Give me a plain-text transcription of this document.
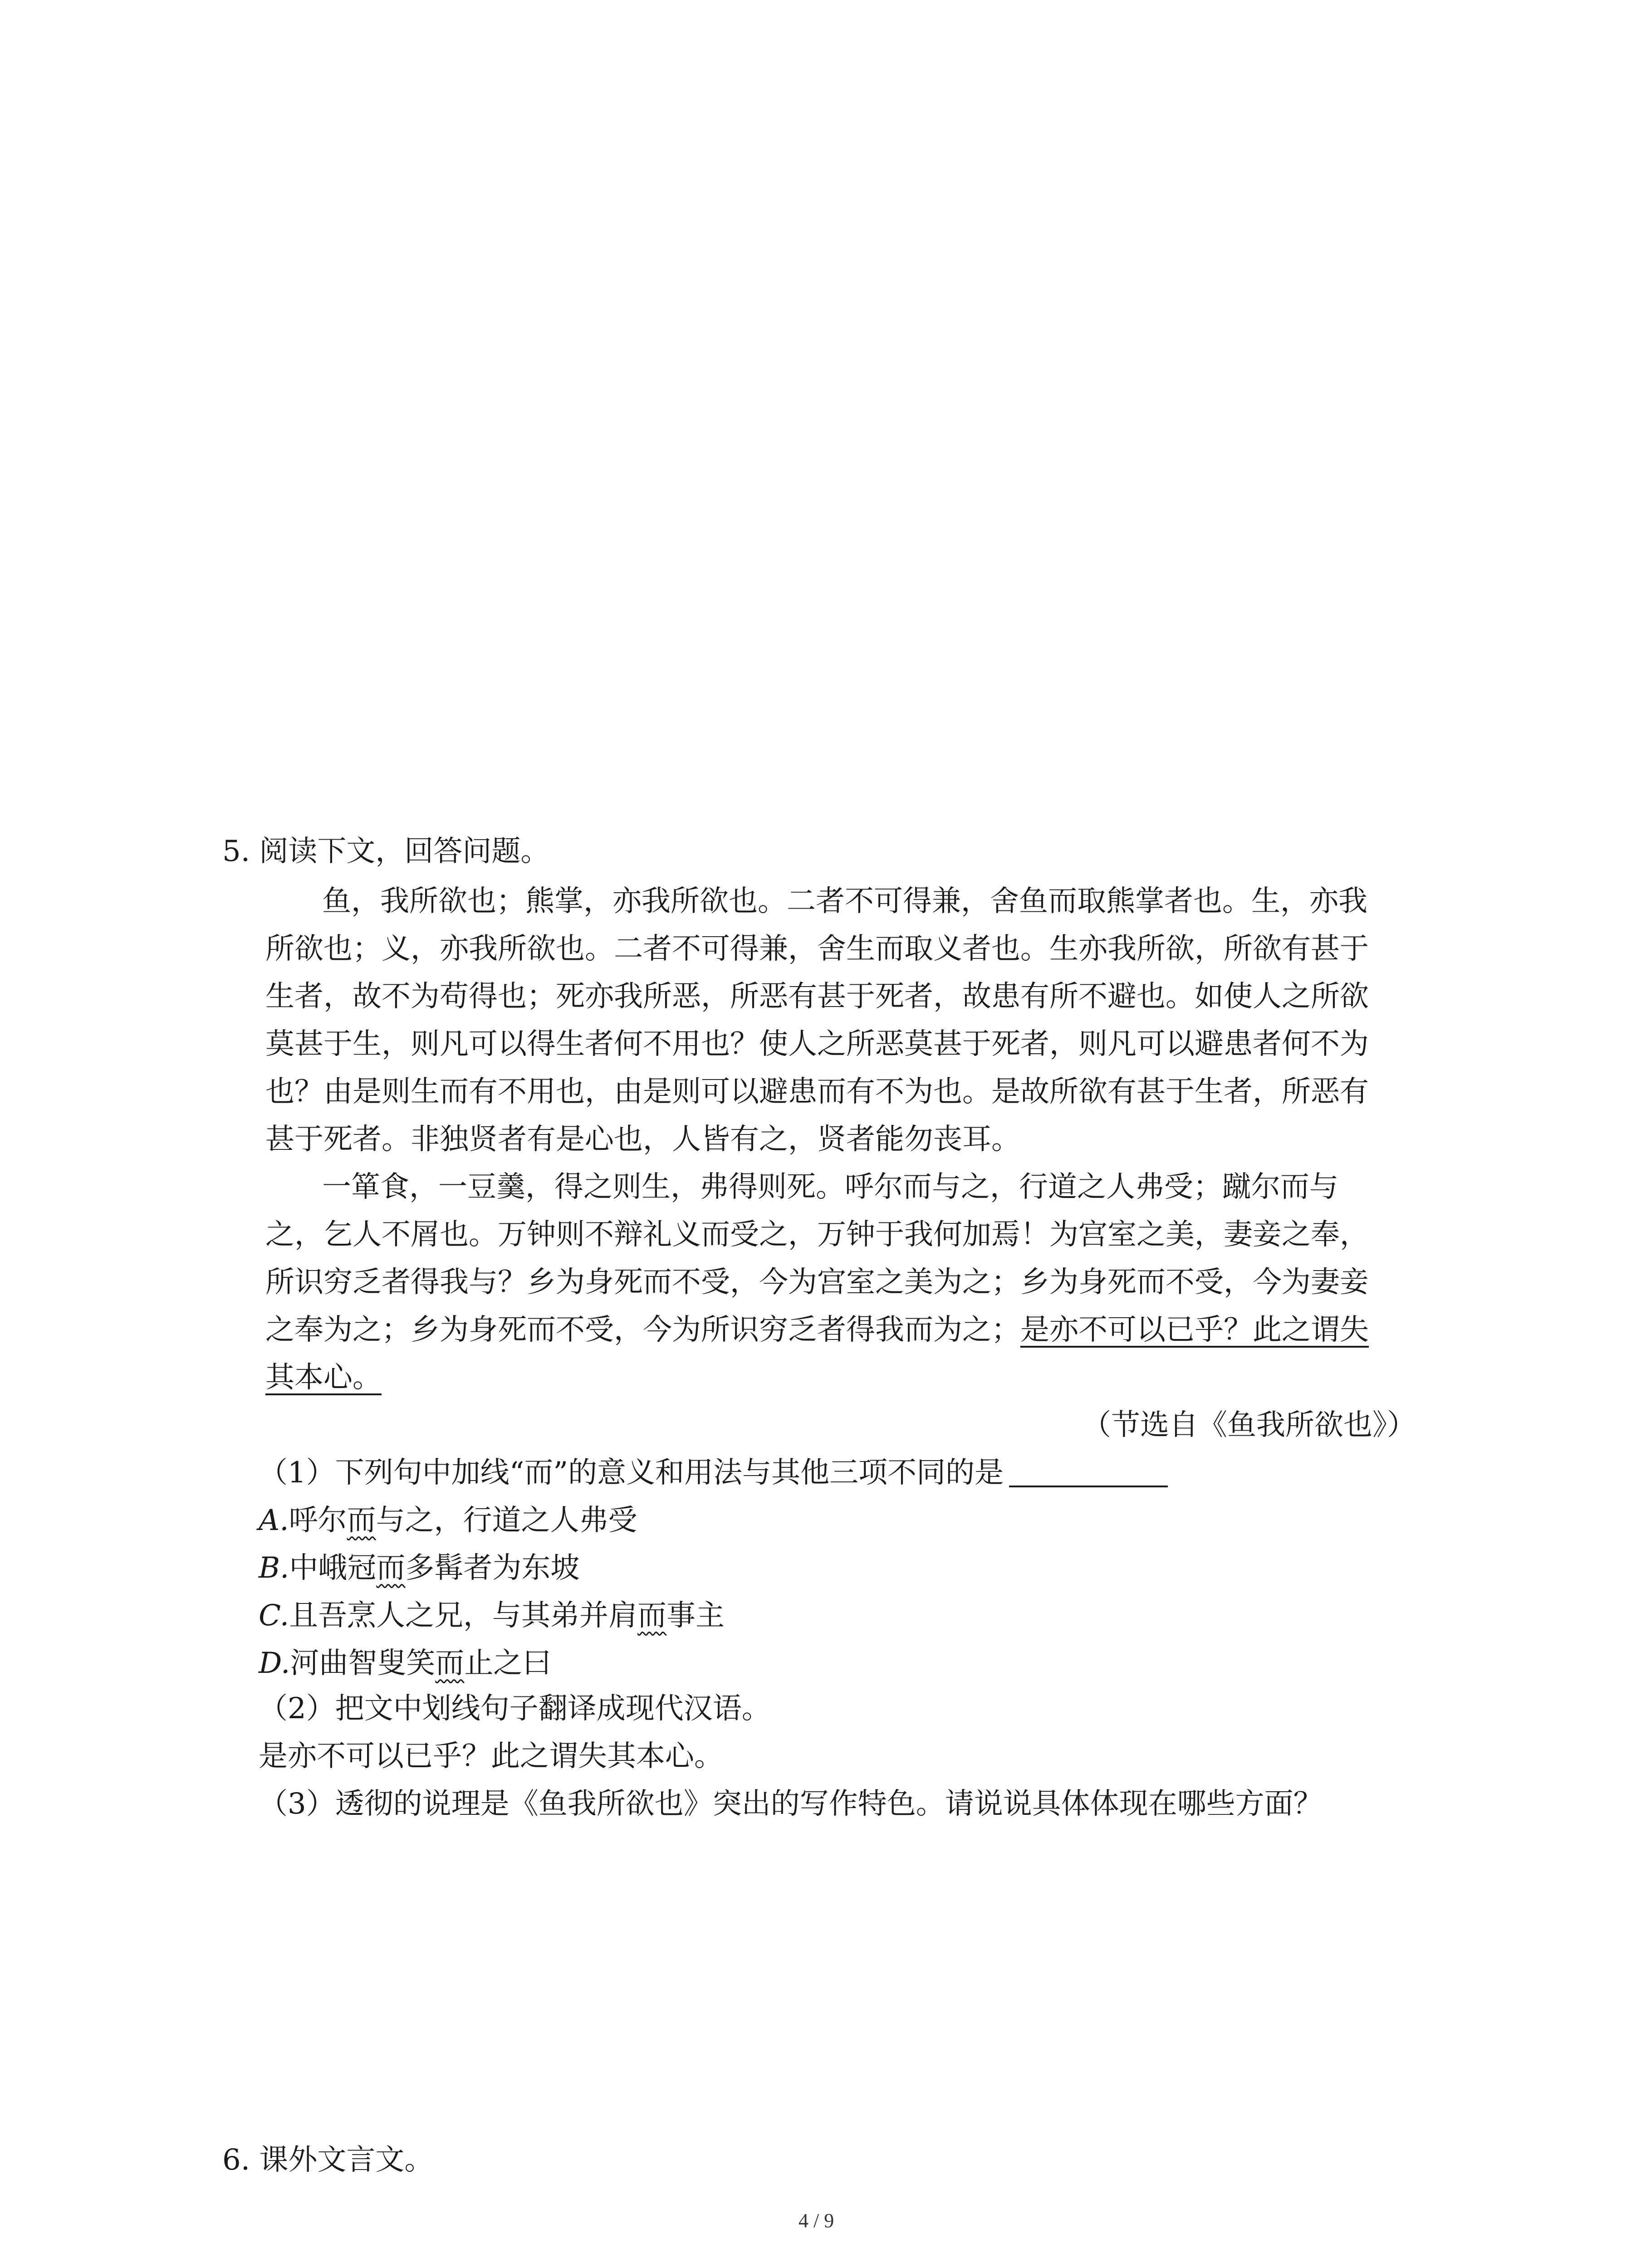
5. 阅读下文，回答问题。
鱼，我所欲也；熊掌，亦我所欲也。二者不可得兼，舍鱼而取熊掌者也。生，亦我
所欲也；义，亦我所欲也。二者不可得兼，舍生而取义者也。生亦我所欲，所欲有甚于
生者，故不为苟得也；死亦我所恶，所恶有甚于死者，故患有所不避也。如使人之所欲
莫甚于生，则凡可以得生者何不用也？使人之所恶莫甚于死者，则凡可以避患者何不为
也？由是则生而有不用也，由是则可以避患而有不为也。是故所欲有甚于生者，所恶有
甚于死者。非独贤者有是心也，人皆有之，贤者能勿丧耳。
一箪食，一豆羹，得之则生，弗得则死。呼尔而与之，行道之人弗受；蹴尔而与
之，乞人不屑也。万钟则不辩礼义而受之，万钟于我何加焉！为宫室之美，妻妾之奉，
所识穷乏者得我与？乡为身死而不受，今为宫室之美为之；乡为身死而不受，今为妻妾
之奉为之；乡为身死而不受，今为所识穷乏者得我而为之；是亦不可以已乎？此之谓失
其本心。
（节选自《鱼我所欲也》）
（1）下列句中加线“而”的意义和用法与其他三项不同的是
A.呼尔而与之，行道之人弗受
B.中峨冠而多髯者为东坡
C.且吾烹人之兄，与其弟并肩而事主
D.河曲智叟笑而止之曰
（2）把文中划线句子翻译成现代汉语。
是亦不可以已乎？此之谓失其本心。
（3）透彻的说理是《鱼我所欲也》突出的写作特色。请说说具体体现在哪些方面？
6. 课外文言文。
4 / 9
